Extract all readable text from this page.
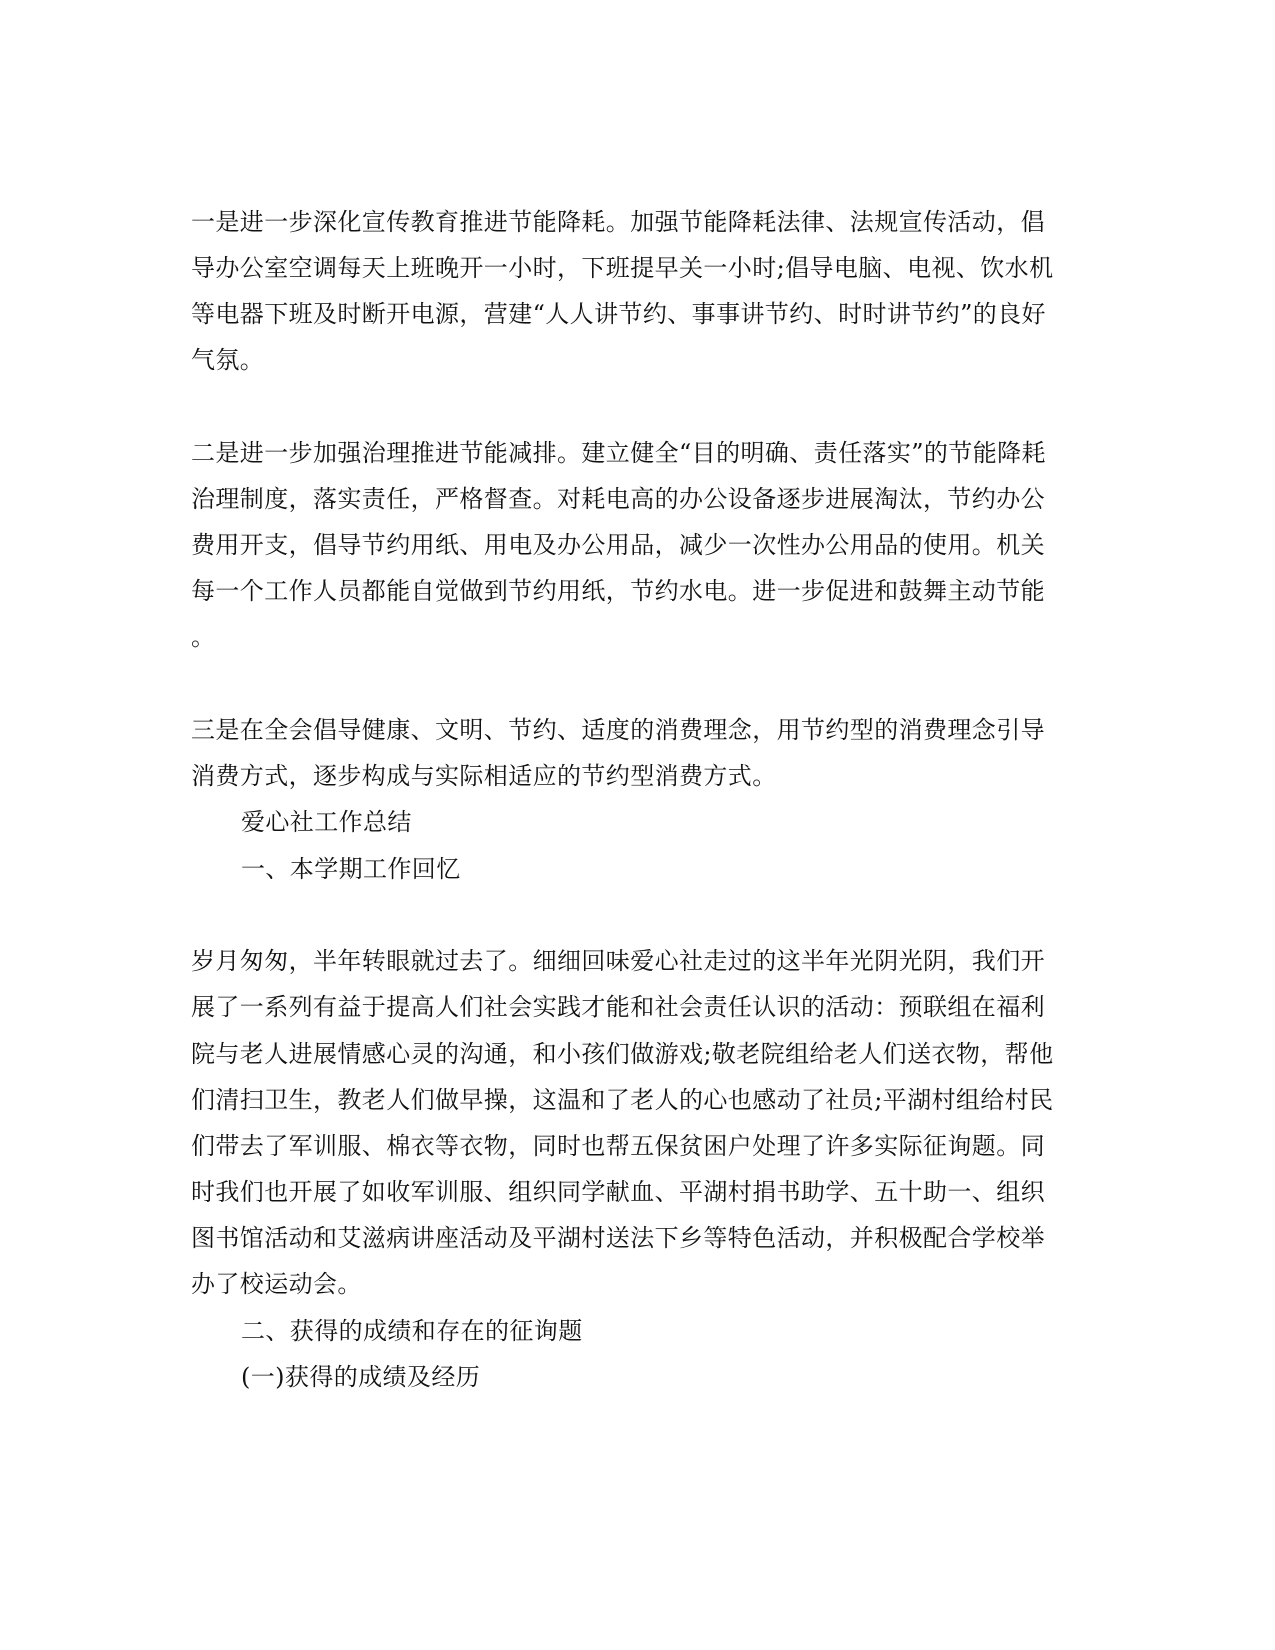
一是进一步深化宣传教育推进节能降耗。加强节能降耗法律、法规宣传活动，倡
导办公室空调每天上班晚开一小时，下班提早关一小时;倡导电脑、电视、饮水机
等电器下班及时断开电源，营建“人人讲节约、事事讲节约、时时讲节约”的良好
气氛。
二是进一步加强治理推进节能减排。建立健全“目的明确、责任落实”的节能降耗
治理制度，落实责任，严格督查。对耗电高的办公设备逐步进展淘汰，节约办公
费用开支，倡导节约用纸、用电及办公用品，减少一次性办公用品的使用。机关
每一个工作人员都能自觉做到节约用纸，节约水电。进一步促进和鼓舞主动节能
。
三是在全会倡导健康、文明、节约、适度的消费理念，用节约型的消费理念引导
消费方式，逐步构成与实际相适应的节约型消费方式。
爱心社工作总结
一、本学期工作回忆
岁月匆匆，半年转眼就过去了。细细回味爱心社走过的这半年光阴光阴，我们开
展了一系列有益于提高人们社会实践才能和社会责任认识的活动：预联组在福利
院与老人进展情感心灵的沟通，和小孩们做游戏;敬老院组给老人们送衣物，帮他
们清扫卫生，教老人们做早操，这温和了老人的心也感动了社员;平湖村组给村民
们带去了军训服、棉衣等衣物，同时也帮五保贫困户处理了许多实际征询题。同
时我们也开展了如收军训服、组织同学献血、平湖村捐书助学、五十助一、组织
图书馆活动和艾滋病讲座活动及平湖村送法下乡等特色活动，并积极配合学校举
办了校运动会。
二、获得的成绩和存在的征询题
(一)获得的成绩及经历
